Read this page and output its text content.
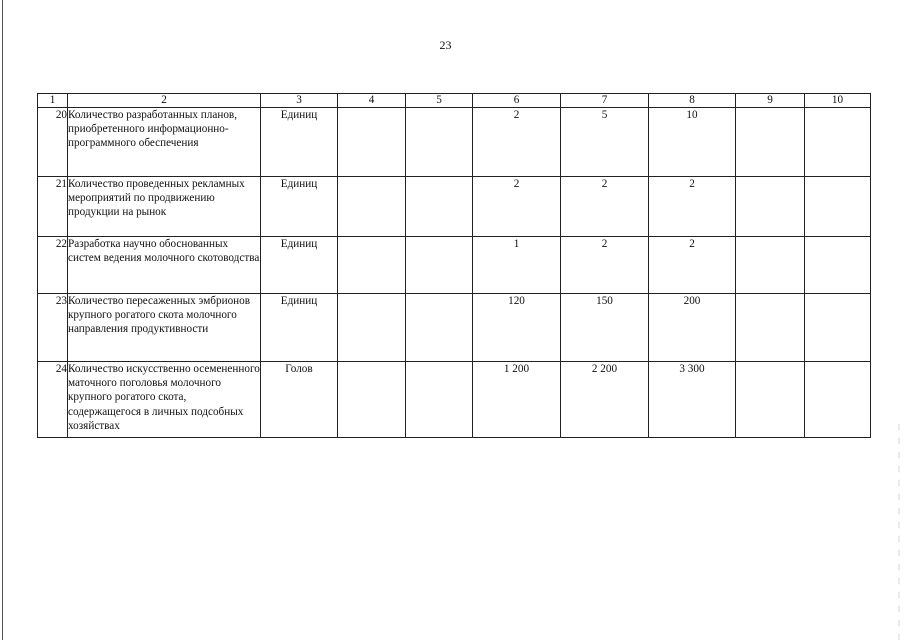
23
1	2	3	4	5	6	7	8	9	10
20	Количество разработанных планов, приобретенного информационно-программного обеспечения	Единиц			2	5	10		
21	Количество проведенных рекламных мероприятий по продвижению продукции на рынок	Единиц			2	2	2		
22	Разработка научно обоснованных систем ведения молочного скотоводства	Единиц			1	2	2		
23	Количество пересаженных эмбрионов крупного рогатого скота молочного направления продуктивности	Единиц			120	150	200		
24	Количество искусственно осемененного маточного поголовья молочного крупного рогатого скота, содержащегося в личных подсобных хозяйствах	Голов			1 200	2 200	3 300		
